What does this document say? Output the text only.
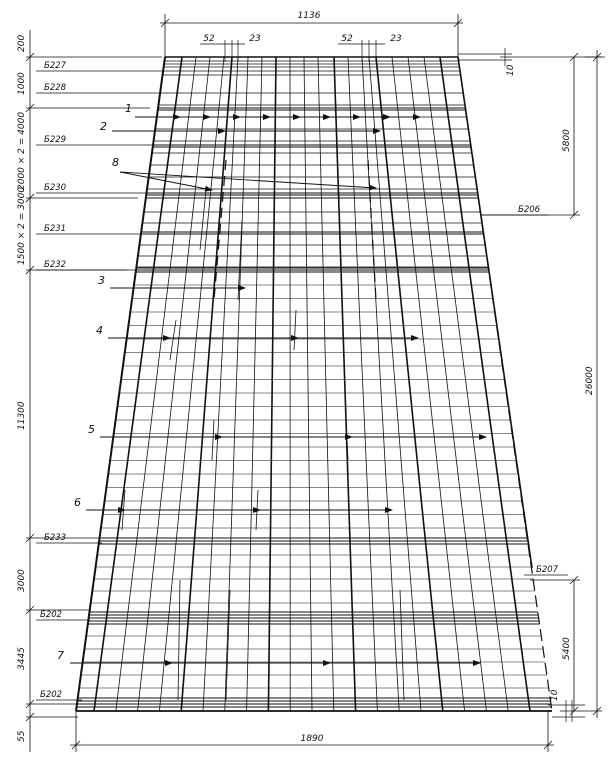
1136
52	23	52	23
10
1890
10
200
1000
2000 × 2 = 4000
1500 × 2 = 3000
11300
3000
3445
55
5800
26000
5400
Б206
Б207
Б227
Б228
Б229
Б230
Б231
Б232
Б233
Б202
Б202
1
2
3
4
5
6
7
8
